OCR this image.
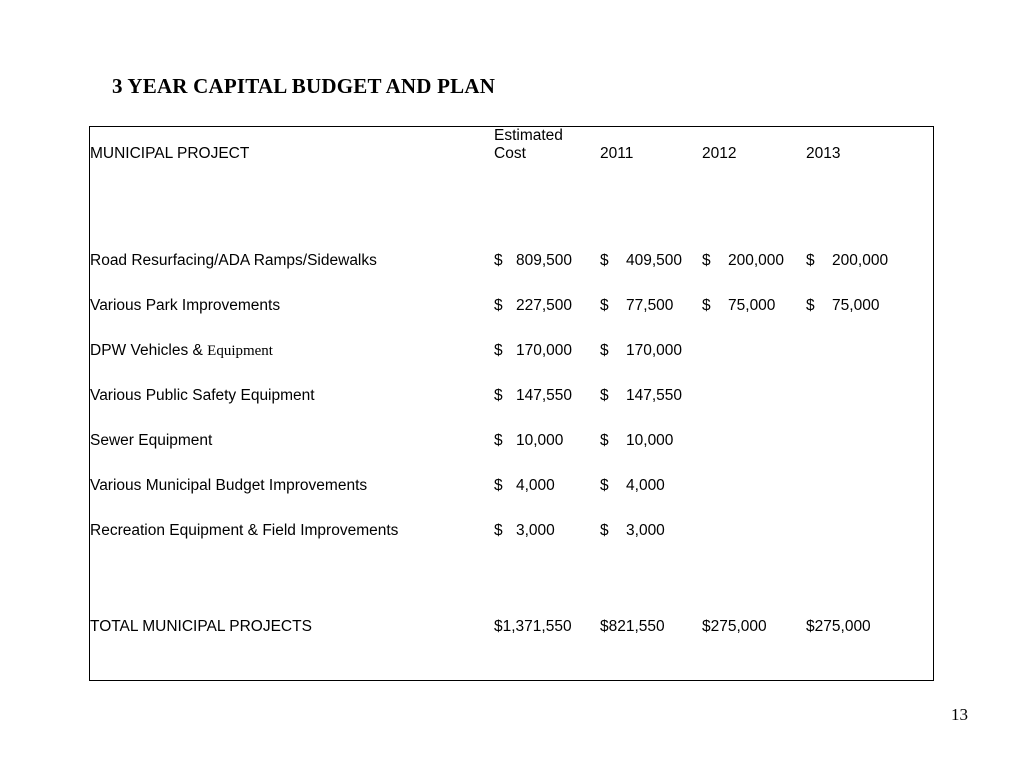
3 YEAR CAPITAL BUDGET AND PLAN
MUNICIPAL PROJECT	Estimated
Cost		2011		2012		2013	

Road Resurfacing/ADA Ramps/Sidewalks	$	809,500	$	409,500	$	200,000	$	200,000
Various Park Improvements	$	227,500	$	77,500	$	75,000	$	75,000
DPW Vehicles & Equipment	$	170,000	$	170,000				
Various Public Safety Equipment	$	147,550	$	147,550				
Sewer Equipment	$	10,000	$	10,000				
Various Municipal Budget Improvements	$	4,000	$	4,000				
Recreation Equipment & Field Improvements	$	3,000	$	3,000				

TOTAL MUNICIPAL PROJECTS	$1,371,550		$821,550		$275,000		$275,000	
13
